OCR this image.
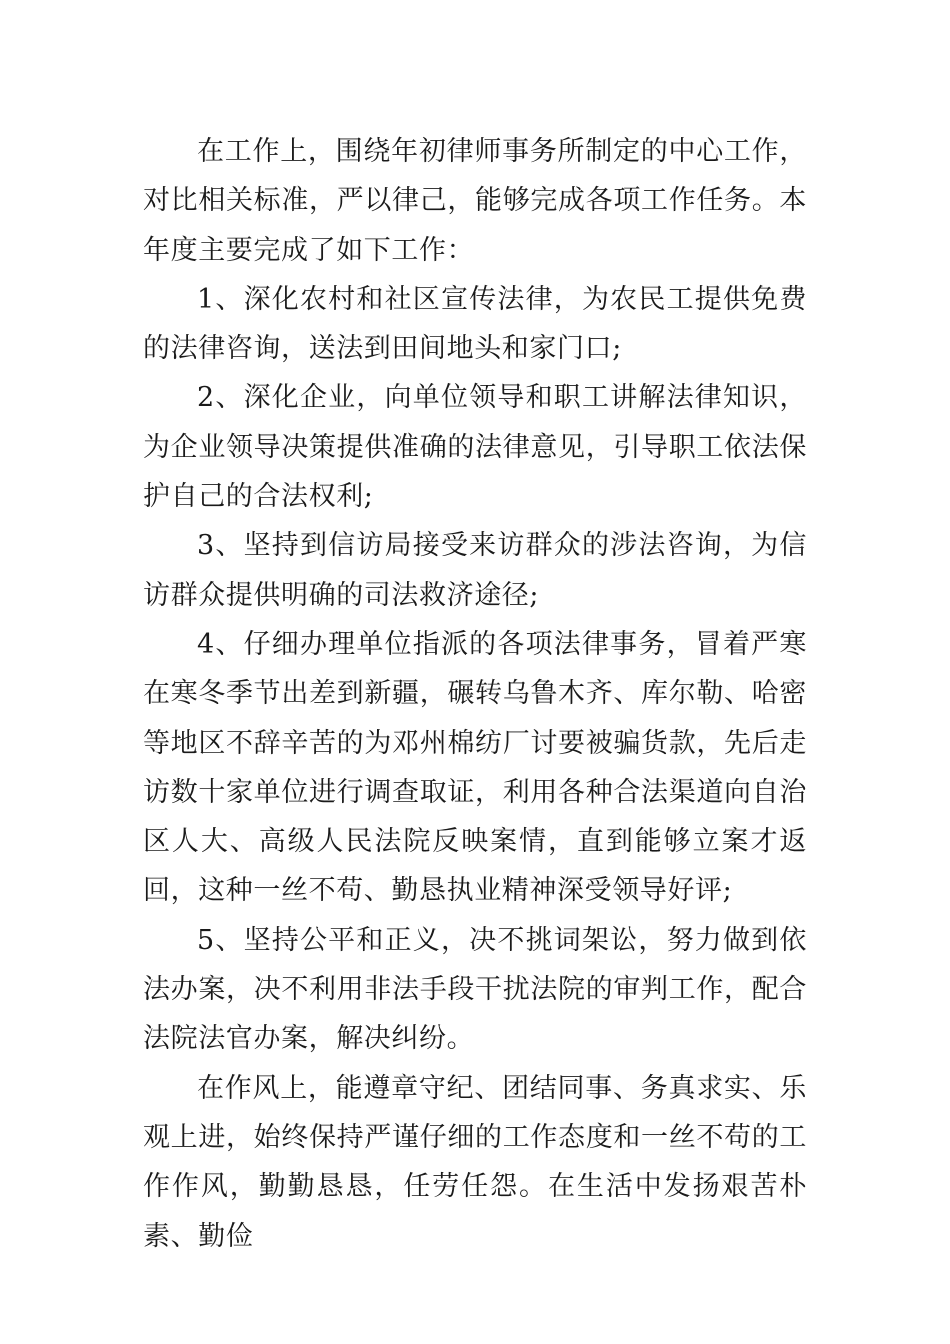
在工作上，围绕年初律师事务所制定的中心工作，对比相关标准，严以律己，能够完成各项工作任务。本年度主要完成了如下工作：

1、深化农村和社区宣传法律，为农民工提供免费的法律咨询，送法到田间地头和家门口;

2、深化企业，向单位领导和职工讲解法律知识，为企业领导决策提供准确的法律意见，引导职工依法保护自己的合法权利;

3、坚持到信访局接受来访群众的涉法咨询，为信访群众提供明确的司法救济途径;

4、仔细办理单位指派的各项法律事务，冒着严寒在寒冬季节出差到新疆，碾转乌鲁木齐、库尔勒、哈密等地区不辞辛苦的为邓州棉纺厂讨要被骗货款，先后走访数十家单位进行调查取证，利用各种合法渠道向自治区人大、高级人民法院反映案情，直到能够立案才返回，这种一丝不苟、勤恳执业精神深受领导好评;

5、坚持公平和正义，决不挑词架讼，努力做到依法办案，决不利用非法手段干扰法院的审判工作，配合法院法官办案，解决纠纷。

在作风上，能遵章守纪、团结同事、务真求实、乐观上进，始终保持严谨仔细的工作态度和一丝不苟的工作作风，勤勤恳恳，任劳任怨。在生活中发扬艰苦朴素、勤俭
